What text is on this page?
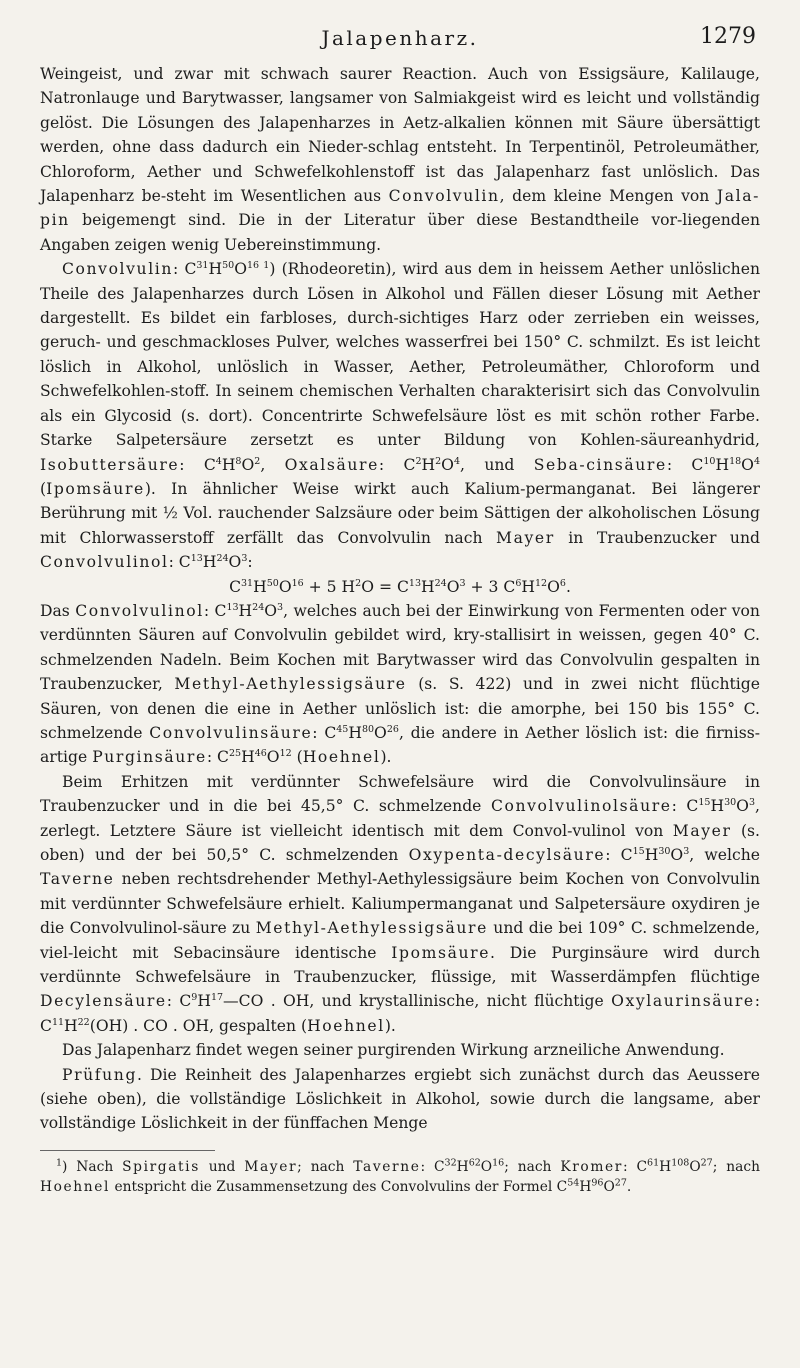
Jalapenharz.	1279

Weingeist, und zwar mit schwach saurer Reaction. Auch von Essigsäure, Kalilauge, Natronlauge und Barytwasser, langsamer von Salmiakgeist wird es leicht und vollständig gelöst. Die Lösungen des Jalapenharzes in Aetz-alkalien können mit Säure übersättigt werden, ohne dass dadurch ein Nieder-schlag entsteht. In Terpentinöl, Petroleumäther, Chloroform, Aether und Schwefelkohlenstoff ist das Jalapenharz fast unlöslich. Das Jalapenharz be-steht im Wesentlichen aus Convolvulin, dem kleine Mengen von Jala-pin beigemengt sind. Die in der Literatur über diese Bestandtheile vor-liegenden Angaben zeigen wenig Uebereinstimmung.

Convolvulin: $C^{31}H^{50}O^{16 1}$) (Rhodeoretin), wird aus dem in heissem Aether unlöslichen Theile des Jalapenharzes durch Lösen in Alkohol und Fällen dieser Lösung mit Aether dargestellt. Es bildet ein farbloses, durch-sichtiges Harz oder zerrieben ein weisses, geruch- und geschmackloses Pulver, welches wasserfrei bei 150° C. schmilzt. Es ist leicht löslich in Alkohol, unlöslich in Wasser, Aether, Petroleumäther, Chloroform und Schwefelkohlen-stoff. In seinem chemischen Verhalten charakterisirt sich das Convolvulin als ein Glycosid (s. dort). Concentrirte Schwefelsäure löst es mit schön rother Farbe. Starke Salpetersäure zersetzt es unter Bildung von Kohlen-säureanhydrid, Isobuttersäure: $C^4H^8O^2$, Oxalsäure: $C^2H^2O^4$, und Seba-cinsäure: $C^{10}H^{18}O^4$ (Ipomsäure). In ähnlicher Weise wirkt auch Kalium-permanganat. Bei längerer Berührung mit ½ Vol. rauchender Salzsäure oder beim Sättigen der alkoholischen Lösung mit Chlorwasserstoff zerfällt das Convolvulin nach Mayer in Traubenzucker und Convolvulinol: $C^{13}H^{24}O^3$:

$C^{31}H^{50}O^{16} + 5$ $H^2O = C^{13}H^{24}O^3 + 3$ $C^6H^{12}O^6$.

Das Convolvulinol: $C^{13}H^{24}O^3$, welches auch bei der Einwirkung von Fermenten oder von verdünnten Säuren auf Convolvulin gebildet wird, kry-stallisirt in weissen, gegen 40° C. schmelzenden Nadeln. Beim Kochen mit Barytwasser wird das Convolvulin gespalten in Traubenzucker, Methyl-Aethylessigsäure (s. S. 422) und in zwei nicht flüchtige Säuren, von denen die eine in Aether unlöslich ist: die amorphe, bei 150 bis 155° C. schmelzende Convolvulinsäure: $C^{45}H^{80}O^{26}$, die andere in Aether löslich ist: die firniss-artige Purginsäure: $C^{25}H^{46}O^{12}$ (Hoehnel).

Beim Erhitzen mit verdünnter Schwefelsäure wird die Convolvulinsäure in Traubenzucker und in die bei 45,5° C. schmelzende Convolvulinolsäure: $C^{15}H^{30}O^3$, zerlegt. Letztere Säure ist vielleicht identisch mit dem Convol-vulinol von Mayer (s. oben) und der bei 50,5° C. schmelzenden Oxypenta-decylsäure: $C^{15}H^{30}O^3$, welche Taverne neben rechtsdrehender Methyl-Aethylessigsäure beim Kochen von Convolvulin mit verdünnter Schwefelsäure erhielt. Kaliumpermanganat und Salpetersäure oxydiren je die Convolvulinol-säure zu Methyl-Aethylessigsäure und die bei 109° C. schmelzende, viel-leicht mit Sebacinsäure identische Ipomsäure. Die Purginsäure wird durch verdünnte Schwefelsäure in Traubenzucker, flüssige, mit Wasserdämpfen flüchtige Decylensäure: $C^9H^{17}—CO$ . OH, und krystallinische, nicht flüchtige Oxylaurinsäure: $C^{11}H^{22}(OH)$ . CO . OH, gespalten (Hoehnel).

Das Jalapenharz findet wegen seiner purgirenden Wirkung arzneiliche Anwendung.

Prüfung. Die Reinheit des Jalapenharzes ergiebt sich zunächst durch das Aeussere (siehe oben), die vollständige Löslichkeit in Alkohol, sowie durch die langsame, aber vollständige Löslichkeit in der fünffachen Menge

$^1$) Nach Spirgatis und Mayer; nach Taverne: $C^{32}H^{62}O^{16}$; nach Kromer: $C^{61}H^{108}O^{27}$; nach Hoehnel entspricht die Zusammensetzung des Convolvulins der Formel $C^{54}H^{96}O^{27}$.
